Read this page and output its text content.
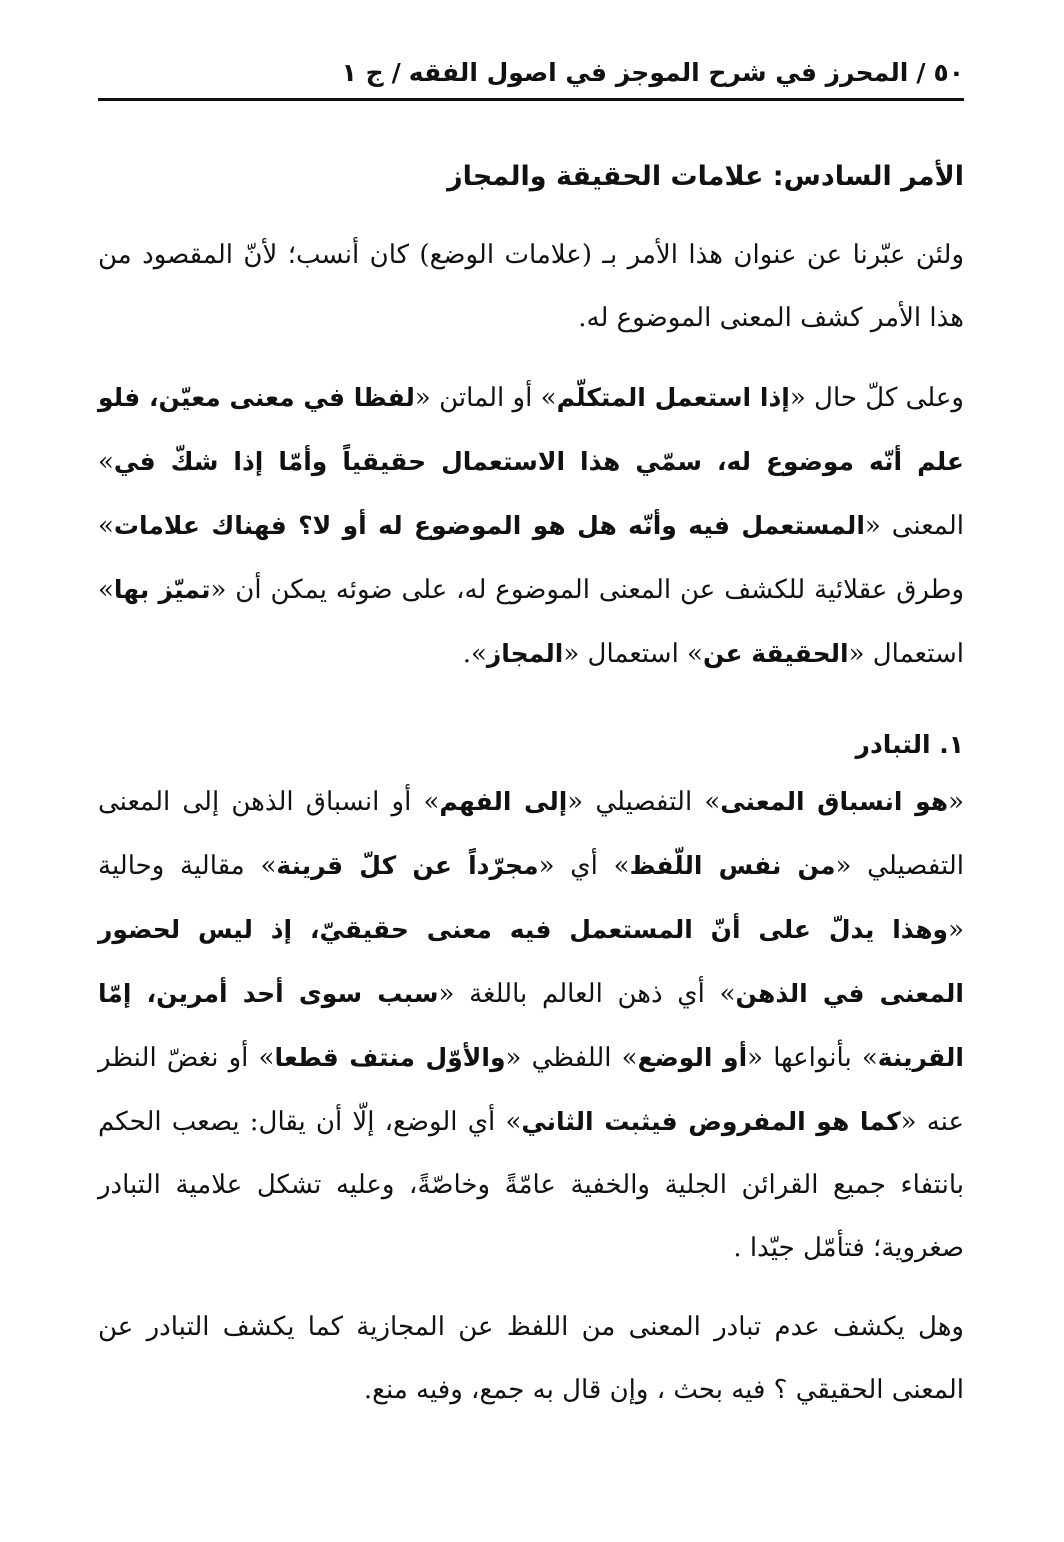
٥٠/المحرز في شرح الموجز في اصول الفقه/ج ١
الأمر السادس: علامات الحقيقة والمجاز

ولئن عبّرنا عن عنوان هذا الأمر بـ (علامات الوضع) كان أنسب؛ لأنّ المقصود من هذا الأمر كشف المعنى الموضوع له.

وعلى كلّ حال «إذا استعمل المتكلّم» أو الماتن «لفظا في معنى معيّن، فلو علم أنّه موضوع له، سمّي هذا الاستعمال حقيقياً وأمّا إذا شكّ في» المعنى «المستعمل فيه وأنّه هل هو الموضوع له أو لا؟ فهناك علامات» وطرق عقلائية للكشف عن المعنى الموضوع له، على ضوئه يمكن أن «تميّز بها» استعمال «الحقيقة عن» استعمال «المجاز».

١. التبادر

«هو انسباق المعنى» التفصيلي «إلى الفهم» أو انسباق الذهن إلى المعنى التفصيلي «من نفس اللّفظ» أي «مجرّداً عن كلّ قرينة» مقالية وحالية «وهذا يدلّ على أنّ المستعمل فيه معنى حقيقيّ، إذ ليس لحضور المعنى في الذهن» أي ذهن العالم باللغة «سبب سوى أحد أمرين، إمّا القرينة» بأنواعها «أو الوضع» اللفظي «والأوّل منتف قطعا» أو نغضّ النظر عنه «كما هو المفروض فيثبت الثاني» أي الوضع، إلّا أن يقال: يصعب الحكم بانتفاء جميع القرائن الجلية والخفية عامّةً وخاصّةً، وعليه تشكل علامية التبادر صغروية؛ فتأمّل جيّدا .

وهل يكشف عدم تبادر المعنى من اللفظ عن المجازية كما يكشف التبادر عن المعنى الحقيقي ؟ فيه بحث ، وإن قال به جمع، وفيه منع.
